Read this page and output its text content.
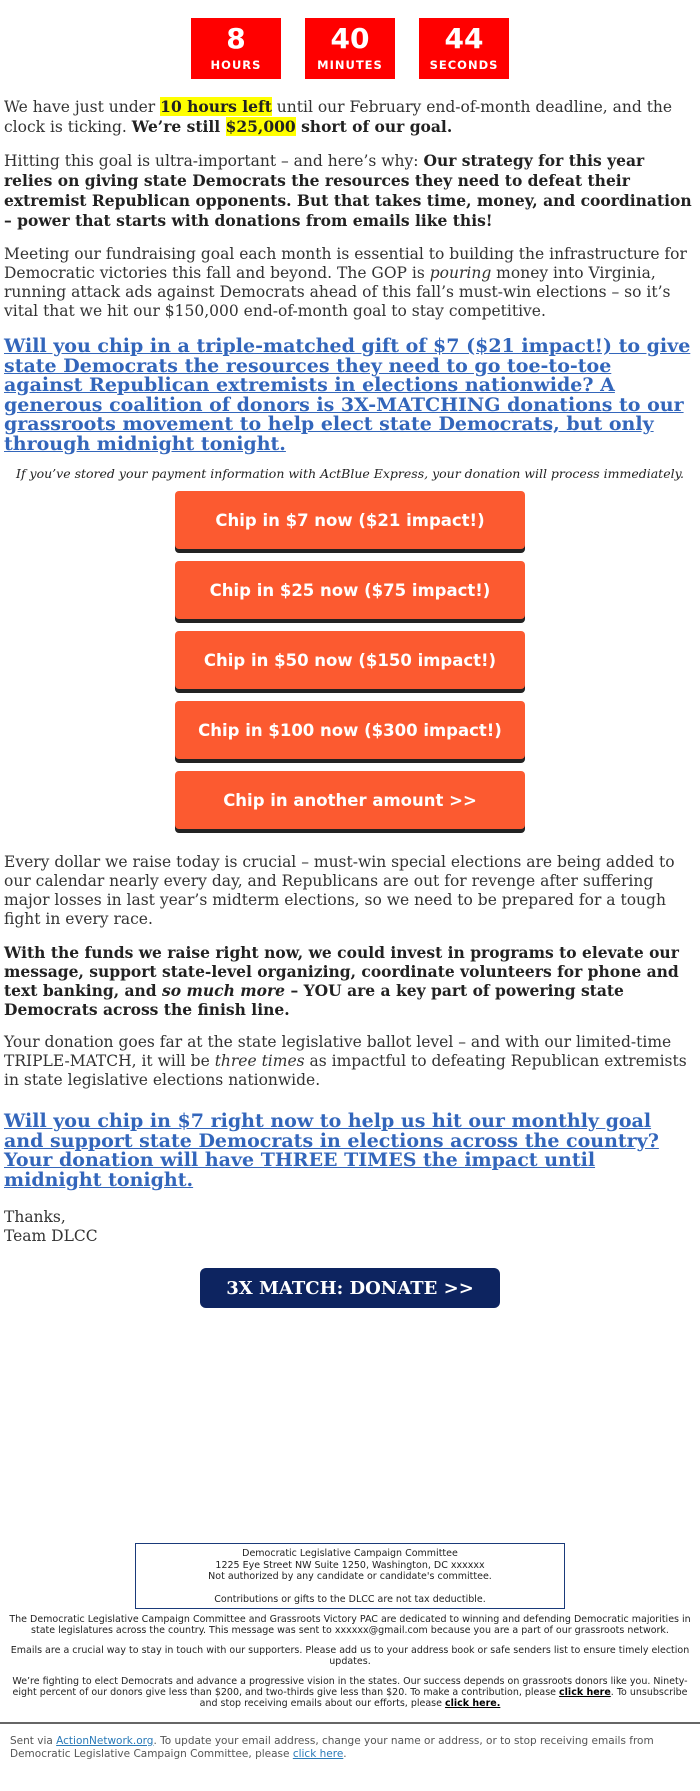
8
HOURS
40
MINUTES
44
SECONDS

We have just under 10 hours left until our February end-of-month deadline, and the clock is ticking. We’re still $25,000 short of our goal.

Hitting this goal is ultra-important – and here’s why: Our strategy for this year relies on giving state Democrats the resources they need to defeat their extremist Republican opponents. But that takes time, money, and coordination – power that starts with donations from emails like this!

Meeting our fundraising goal each month is essential to building the infrastructure for Democratic victories this fall and beyond. The GOP is pouring money into Virginia, running attack ads against Democrats ahead of this fall’s must-win elections – so it’s vital that we hit our $150,000 end-of-month goal to stay competitive.

Will you chip in a triple-matched gift of $7 ($21 impact!) to give state Democrats the resources they need to go toe-to-toe against Republican extremists in elections nationwide? A generous coalition of donors is 3X-MATCHING donations to our grassroots movement to help elect state Democrats, but only through midnight tonight.
If you’ve stored your payment information with ActBlue Express, your donation will process immediately.
Chip in $7 now ($21 impact!)
Chip in $25 now ($75 impact!)
Chip in $50 now ($150 impact!)
Chip in $100 now ($300 impact!)
Chip in another amount >>

Every dollar we raise today is crucial – must-win special elections are being added to our calendar nearly every day, and Republicans are out for revenge after suffering major losses in last year’s midterm elections, so we need to be prepared for a tough fight in every race.

With the funds we raise right now, we could invest in programs to elevate our message, support state-level organizing, coordinate volunteers for phone and text banking, and so much more – YOU are a key part of powering state Democrats across the finish line.

Your donation goes far at the state legislative ballot level – and with our limited-time TRIPLE-MATCH, it will be three times as impactful to defeating Republican extremists in state legislative elections nationwide.

Will you chip in $7 right now to help us hit our monthly goal and support state Democrats in elections across the country? Your donation will have THREE TIMES the impact until midnight tonight.
Thanks,
Team DLCC
3X MATCH: DONATE >>
Democratic Legislative Campaign Committee
1225 Eye Street NW Suite 1250, Washington, DC xxxxxx
Not authorized by any candidate or candidate's committee.
Contributions or gifts to the DLCC are not tax deductible.
The Democratic Legislative Campaign Committee and Grassroots Victory PAC are dedicated to winning and defending Democratic majorities in state legislatures across the country. This message was sent to xxxxxx@gmail.com because you are a part of our grassroots network.
Emails are a crucial way to stay in touch with our supporters. Please add us to your address book or safe senders list to ensure timely election updates.
We’re fighting to elect Democrats and advance a progressive vision in the states. Our success depends on grassroots donors like you. Ninety-eight percent of our donors give less than $200, and two-thirds give less than $20. To make a contribution, please click here. To unsubscribe and stop receiving emails about our efforts, please click here.
Sent via ActionNetwork.org. To update your email address, change your name or address, or to stop receiving emails from Democratic Legislative Campaign Committee, please click here.
